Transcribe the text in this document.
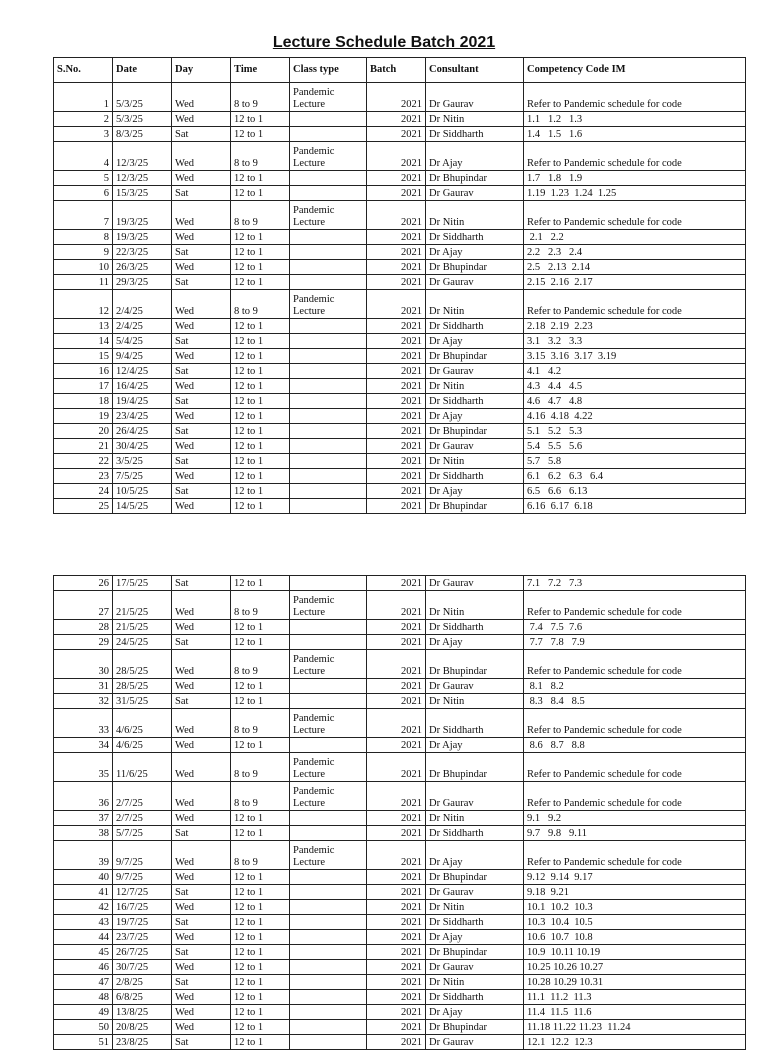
Lecture Schedule Batch 2021
S.No.	Date	Day	Time	Class type	Batch	Consultant	Competency Code IM
1	5/3/25	Wed	8 to 9	Pandemic Lecture	2021	Dr Gaurav	Refer to Pandemic schedule for code
2	5/3/25	Wed	12 to 1		2021	Dr Nitin	1.1   1.2   1.3
3	8/3/25	Sat	12 to 1		2021	Dr Siddharth	1.4   1.5   1.6
4	12/3/25	Wed	8 to 9	Pandemic Lecture	2021	Dr Ajay	Refer to Pandemic schedule for code
5	12/3/25	Wed	12 to 1		2021	Dr Bhupindar	1.7   1.8   1.9
6	15/3/25	Sat	12 to 1		2021	Dr Gaurav	1.19  1.23  1.24  1.25
7	19/3/25	Wed	8 to 9	Pandemic Lecture	2021	Dr Nitin	Refer to Pandemic schedule for code
8	19/3/25	Wed	12 to 1		2021	Dr Siddharth	2.1   2.2
9	22/3/25	Sat	12 to 1		2021	Dr Ajay	2.2   2.3   2.4
10	26/3/25	Wed	12 to 1		2021	Dr Bhupindar	2.5   2.13  2.14
11	29/3/25	Sat	12 to 1		2021	Dr Gaurav	2.15  2.16  2.17
12	2/4/25	Wed	8 to 9	Pandemic Lecture	2021	Dr Nitin	Refer to Pandemic schedule for code
13	2/4/25	Wed	12 to 1		2021	Dr Siddharth	2.18  2.19  2.23
14	5/4/25	Sat	12 to 1		2021	Dr Ajay	3.1   3.2   3.3
15	9/4/25	Wed	12 to 1		2021	Dr Bhupindar	3.15  3.16  3.17  3.19
16	12/4/25	Sat	12 to 1		2021	Dr Gaurav	4.1   4.2
17	16/4/25	Wed	12 to 1		2021	Dr Nitin	4.3   4.4   4.5
18	19/4/25	Sat	12 to 1		2021	Dr Siddharth	4.6   4.7   4.8
19	23/4/25	Wed	12 to 1		2021	Dr Ajay	4.16  4.18  4.22
20	26/4/25	Sat	12 to 1		2021	Dr Bhupindar	5.1   5.2   5.3
21	30/4/25	Wed	12 to 1		2021	Dr Gaurav	5.4   5.5   5.6
22	3/5/25	Sat	12 to 1		2021	Dr Nitin	5.7   5.8
23	7/5/25	Wed	12 to 1		2021	Dr Siddharth	6.1   6.2   6.3   6.4
24	10/5/25	Sat	12 to 1		2021	Dr Ajay	6.5   6.6   6.13
25	14/5/25	Wed	12 to 1		2021	Dr Bhupindar	6.16  6.17  6.18
26	17/5/25	Sat	12 to 1		2021	Dr Gaurav	7.1   7.2   7.3
27	21/5/25	Wed	8 to 9	Pandemic Lecture	2021	Dr Nitin	Refer to Pandemic schedule for code
28	21/5/25	Wed	12 to 1		2021	Dr Siddharth	7.4   7.5  7.6
29	24/5/25	Sat	12 to 1		2021	Dr Ajay	7.7   7.8   7.9
30	28/5/25	Wed	8 to 9	Pandemic Lecture	2021	Dr Bhupindar	Refer to Pandemic schedule for code
31	28/5/25	Wed	12 to 1		2021	Dr Gaurav	8.1   8.2
32	31/5/25	Sat	12 to 1		2021	Dr Nitin	8.3   8.4   8.5
33	4/6/25	Wed	8 to 9	Pandemic Lecture	2021	Dr Siddharth	Refer to Pandemic schedule for code
34	4/6/25	Wed	12 to 1		2021	Dr Ajay	8.6   8.7   8.8
35	11/6/25	Wed	8 to 9	Pandemic Lecture	2021	Dr Bhupindar	Refer to Pandemic schedule for code
36	2/7/25	Wed	8 to 9	Pandemic Lecture	2021	Dr Gaurav	Refer to Pandemic schedule for code
37	2/7/25	Wed	12 to 1		2021	Dr Nitin	9.1   9.2
38	5/7/25	Sat	12 to 1		2021	Dr Siddharth	9.7   9.8   9.11
39	9/7/25	Wed	8 to 9	Pandemic Lecture	2021	Dr Ajay	Refer to Pandemic schedule for code
40	9/7/25	Wed	12 to 1		2021	Dr Bhupindar	9.12  9.14  9.17
41	12/7/25	Sat	12 to 1		2021	Dr Gaurav	9.18  9.21
42	16/7/25	Wed	12 to 1		2021	Dr Nitin	10.1  10.2  10.3
43	19/7/25	Sat	12 to 1		2021	Dr Siddharth	10.3  10.4  10.5
44	23/7/25	Wed	12 to 1		2021	Dr Ajay	10.6  10.7  10.8
45	26/7/25	Sat	12 to 1		2021	Dr Bhupindar	10.9  10.11 10.19
46	30/7/25	Wed	12 to 1		2021	Dr Gaurav	10.25 10.26 10.27
47	2/8/25	Sat	12 to 1		2021	Dr Nitin	10.28 10.29 10.31
48	6/8/25	Wed	12 to 1		2021	Dr Siddharth	11.1  11.2  11.3
49	13/8/25	Wed	12 to 1		2021	Dr Ajay	11.4  11.5  11.6
50	20/8/25	Wed	12 to 1		2021	Dr Bhupindar	11.18 11.22 11.23  11.24
51	23/8/25	Sat	12 to 1		2021	Dr Gaurav	12.1  12.2  12.3
